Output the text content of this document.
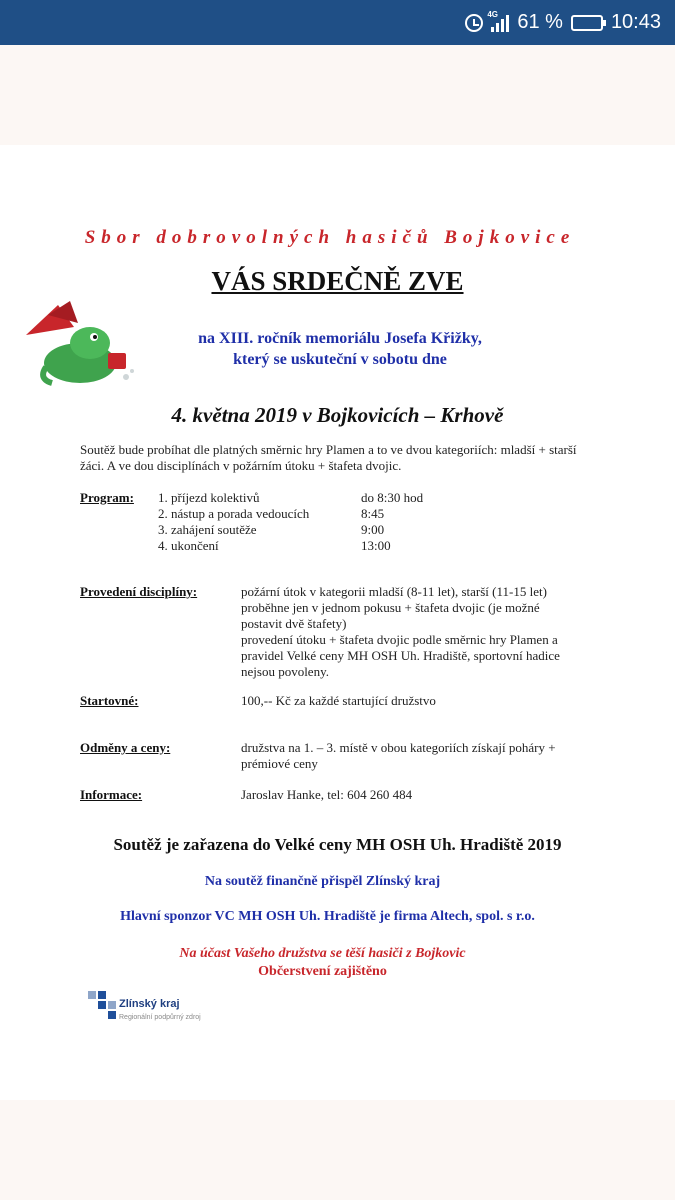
4G 61 % 10:43

Sbor dobrovolných hasičů Bojkovice

VÁS SRDEČNĚ ZVE

na XIII. ročník memoriálu Josefa Křižky,

který se uskuteční v sobotu dne

4. května 2019 v Bojkovicích – Krhově

Soutěž bude probíhat dle platných směrnic hry Plamen a to ve dvou kategoriích: mladší + starší žáci. A ve dou disciplínách v požárním útoku + štafeta dvojic.

Program: 1. příjezd kolektivů	do 8:30 hod
2. nástup a porada vedoucích	8:45
3. zahájení soutěže	9:00
4. ukončení	13:00

Provedení disciplíny:	požární útok v kategorii mladší (8-11 let), starší (11-15 let)
proběhne jen v jednom pokusu + štafeta dvojic (je možné
postavit dvě štafety)
provedení útoku + štafeta dvojic podle směrnic hry Plamen a
pravidel Velké ceny MH OSH Uh. Hradiště, sportovní hadice
nejsou povoleny.

Startovné:	100,-- Kč za každé startující družstvo

Odměny a ceny:	družstva na 1. – 3. místě v obou kategoriích získají poháry +
prémiové ceny

Informace:	Jaroslav Hanke, tel: 604 260 484

Soutěž je zařazena do Velké ceny MH OSH Uh. Hradiště 2019

Na soutěž finančně přispěl Zlínský kraj

Hlavní sponzor VC MH OSH Uh. Hradiště je firma Altech, spol. s r.o.

Na účast Vašeho družstva se těší hasiči z Bojkovic

Občerstvení zajištěno

Zlínský kraj
Regionální podpůrný zdroj
